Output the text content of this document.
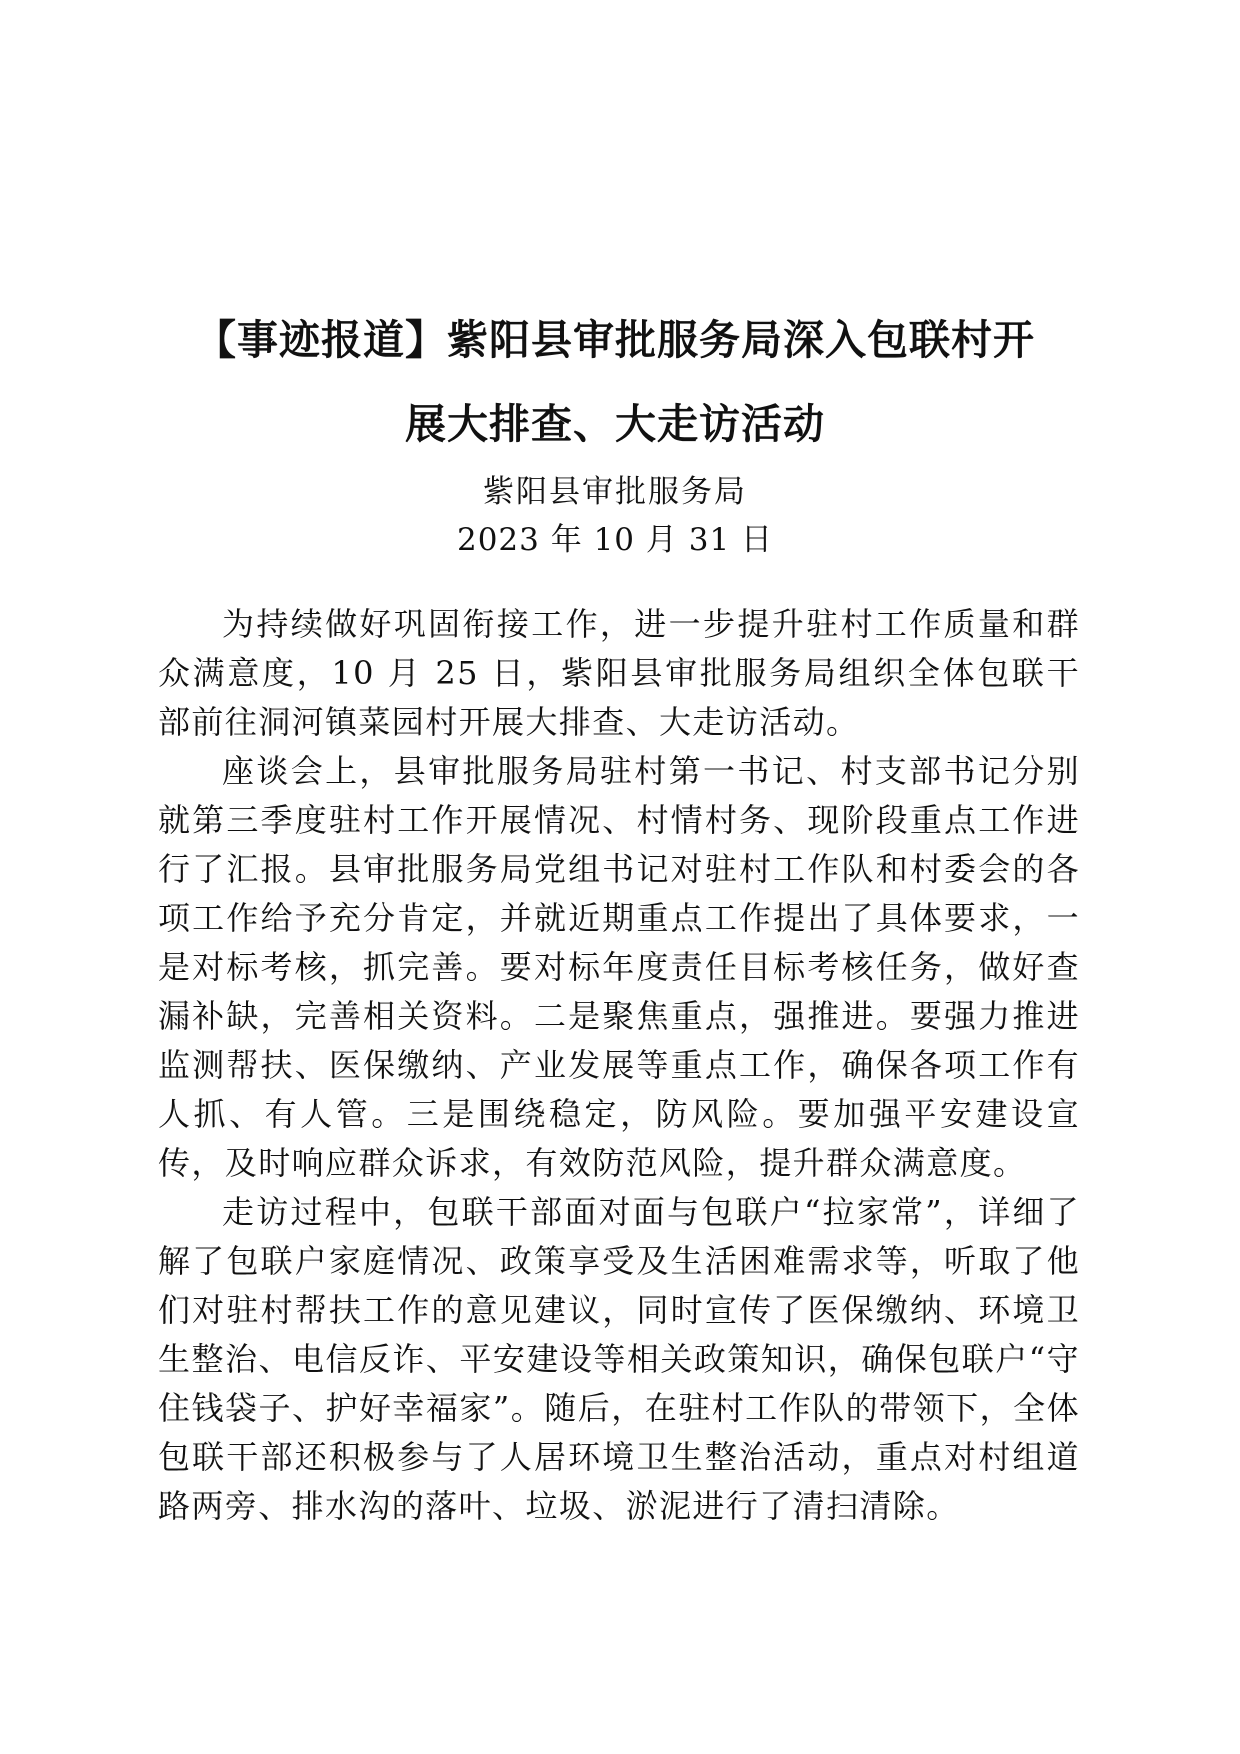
【事迹报道】紫阳县审批服务局深入包联村开
展大排查、大走访活动
紫阳县审批服务局
2023 年 10 月 31 日

为持续做好巩固衔接工作，进一步提升驻村工作质量和群众满意度，10 月 25 日，紫阳县审批服务局组织全体包联干部前往洞河镇菜园村开展大排查、大走访活动。

座谈会上，县审批服务局驻村第一书记、村支部书记分别就第三季度驻村工作开展情况、村情村务、现阶段重点工作进行了汇报。县审批服务局党组书记对驻村工作队和村委会的各项工作给予充分肯定，并就近期重点工作提出了具体要求，一是对标考核，抓完善。要对标年度责任目标考核任务，做好查漏补缺，完善相关资料。二是聚焦重点，强推进。要强力推进监测帮扶、医保缴纳、产业发展等重点工作，确保各项工作有人抓、有人管。三是围绕稳定，防风险。要加强平安建设宣传，及时响应群众诉求，有效防范风险，提升群众满意度。

走访过程中，包联干部面对面与包联户“拉家常”，详细了解了包联户家庭情况、政策享受及生活困难需求等，听取了他们对驻村帮扶工作的意见建议，同时宣传了医保缴纳、环境卫生整治、电信反诈、平安建设等相关政策知识，确保包联户“守住钱袋子、护好幸福家”。随后，在驻村工作队的带领下，全体包联干部还积极参与了人居环境卫生整治活动，重点对村组道路两旁、排水沟的落叶、垃圾、淤泥进行了清扫清除。
